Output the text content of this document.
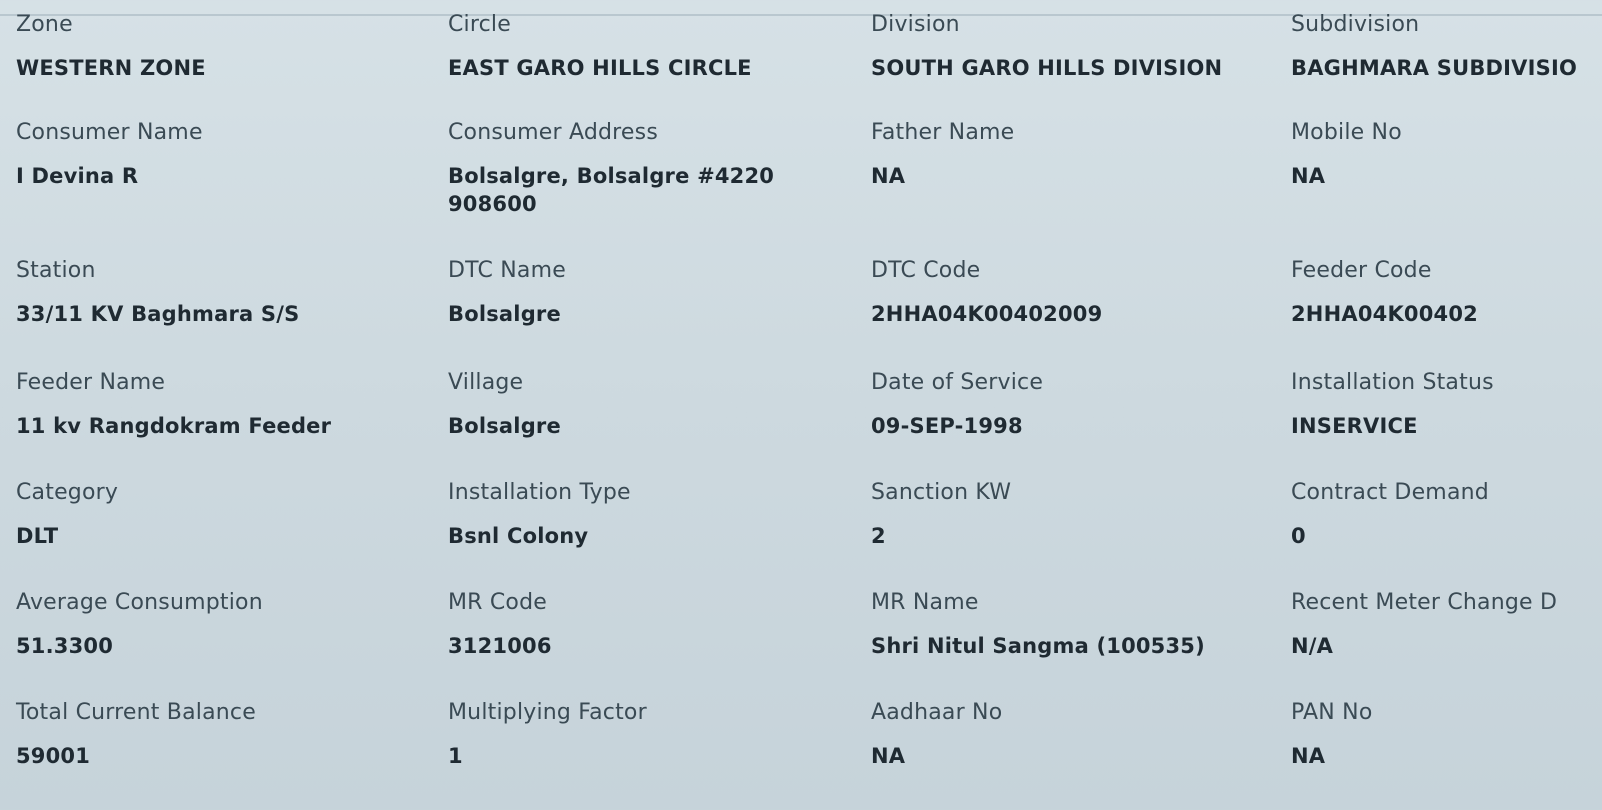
Zone
WESTERN ZONE
Circle
EAST GARO HILLS CIRCLE
Division
SOUTH GARO HILLS DIVISION
Subdivision
BAGHMARA SUBDIVISIO
Consumer Name
I Devina R
Consumer Address
Bolsalgre, Bolsalgre #4220
908600
Father Name
NA
Mobile No
NA
Station
33/11 KV Baghmara S/S
DTC Name
Bolsalgre
DTC Code
2HHA04K00402009
Feeder Code
2HHA04K00402
Feeder Name
11 kv Rangdokram Feeder
Village
Bolsalgre
Date of Service
09-SEP-1998
Installation Status
INSERVICE
Category
DLT
Installation Type
Bsnl Colony
Sanction KW
2
Contract Demand
0
Average Consumption
51.3300
MR Code
3121006
MR Name
Shri Nitul Sangma (100535)
Recent Meter Change D
N/A
Total Current Balance
59001
Multiplying Factor
1
Aadhaar No
NA
PAN No
NA
